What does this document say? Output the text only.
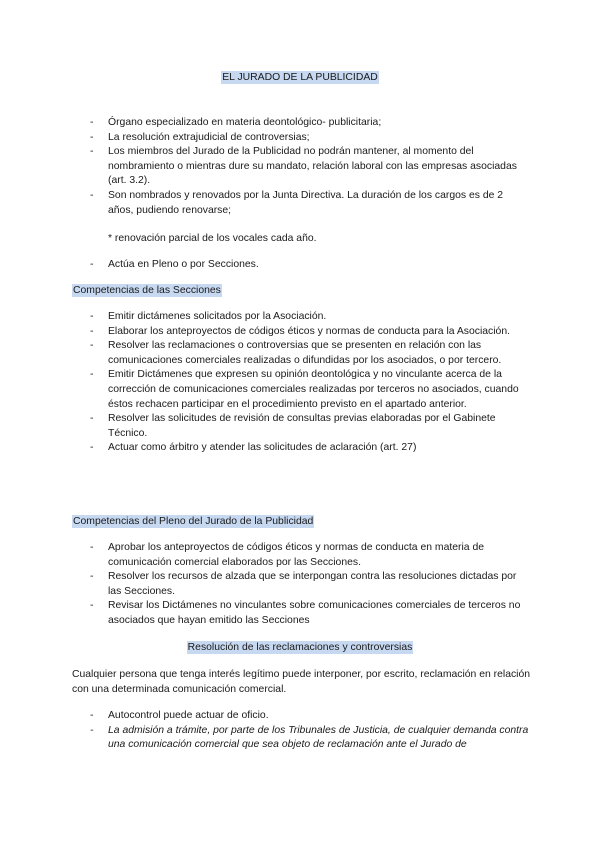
EL JURADO DE LA PUBLICIDAD
- Órgano especializado en materia deontológico- publicitaria;
- La resolución extrajudicial de controversias;
- Los miembros del Jurado de la Publicidad no podrán mantener, al momento del nombramiento o mientras dure su mandato, relación laboral con las empresas asociadas (art. 3.2).
- Son nombrados y renovados por la Junta Directiva. La duración de los cargos es de 2 años, pudiendo renovarse;
* renovación parcial de los vocales cada año.
- Actúa en Pleno o por Secciones.
Competencias de las Secciones
- Emitir dictámenes solicitados por la Asociación.
- Elaborar los anteproyectos de códigos éticos y normas de conducta para la Asociación.
- Resolver las reclamaciones o controversias que se presenten en relación con las comunicaciones comerciales realizadas o difundidas por los asociados, o por tercero.
- Emitir Dictámenes que expresen su opinión deontológica y no vinculante acerca de la corrección de comunicaciones comerciales realizadas por terceros no asociados, cuando éstos rechacen participar en el procedimiento previsto en el apartado anterior.
- Resolver las solicitudes de revisión de consultas previas elaboradas por el Gabinete Técnico.
- Actuar como árbitro y atender las solicitudes de aclaración (art. 27)
Competencias del Pleno del Jurado de la Publicidad
- Aprobar los anteproyectos de códigos éticos y normas de conducta en materia de comunicación comercial elaborados por las Secciones.
- Resolver los recursos de alzada que se interpongan contra las resoluciones dictadas por las Secciones.
- Revisar los Dictámenes no vinculantes sobre comunicaciones comerciales de terceros no asociados que hayan emitido las Secciones
Resolución de las reclamaciones y controversias
Cualquier persona que tenga interés legítimo puede interponer, por escrito, reclamación en relación con una determinada comunicación comercial.
- Autocontrol puede actuar de oficio.
- La admisión a trámite, por parte de los Tribunales de Justicia, de cualquier demanda contra una comunicación comercial que sea objeto de reclamación ante el Jurado de
